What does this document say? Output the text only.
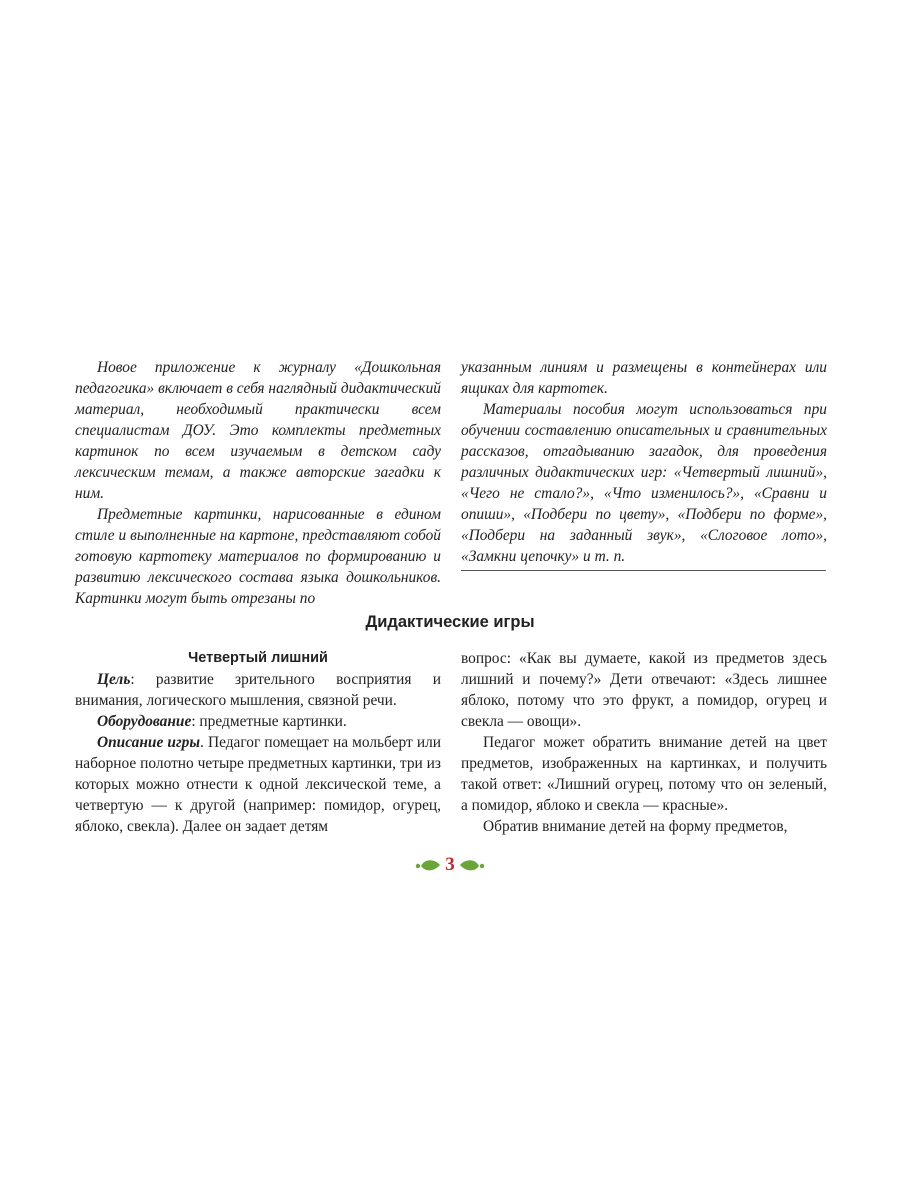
Новое приложение к журналу «Дошкольная педагогика» включает в себя наглядный дидактический материал, необходимый практически всем специалистам ДОУ. Это комплекты предметных картинок по всем изучаемым в детском саду лексическим темам, а также авторские загадки к ним.

Предметные картинки, нарисованные в едином стиле и выполненные на картоне, представляют собой готовую картотеку материалов по формированию и развитию лексического состава языка дошкольников. Картинки могут быть отрезаны по

указанным линиям и размещены в контейнерах или ящиках для картотек.

Материалы пособия могут использоваться при обучении составлению описательных и сравнительных рассказов, отгадыванию загадок, для проведения различных дидактических игр: «Четвертый лишний», «Чего не стало?», «Что изменилось?», «Сравни и опиши», «Подбери по цвету», «Подбери по форме», «Подбери на заданный звук», «Слоговое лото», «Замкни цепочку» и т. п.

Дидактические игры

Четвертый лишний

Цель: развитие зрительного восприятия и внимания, логического мышления, связной речи.

Оборудование: предметные картинки.

Описание игры. Педагог помещает на мольберт или наборное полотно четыре предметных картинки, три из которых можно отнести к одной лексической теме, а четвертую — к другой (например: помидор, огурец, яблоко, свекла). Далее он задает детям

вопрос: «Как вы думаете, какой из предметов здесь лишний и почему?» Дети отвечают: «Здесь лишнее яблоко, потому что это фрукт, а помидор, огурец и свекла — овощи».

Педагог может обратить внимание детей на цвет предметов, изображенных на картинках, и получить такой ответ: «Лишний огурец, потому что он зеленый, а помидор, яблоко и свекла — красные».

Обратив внимание детей на форму предметов,

3
